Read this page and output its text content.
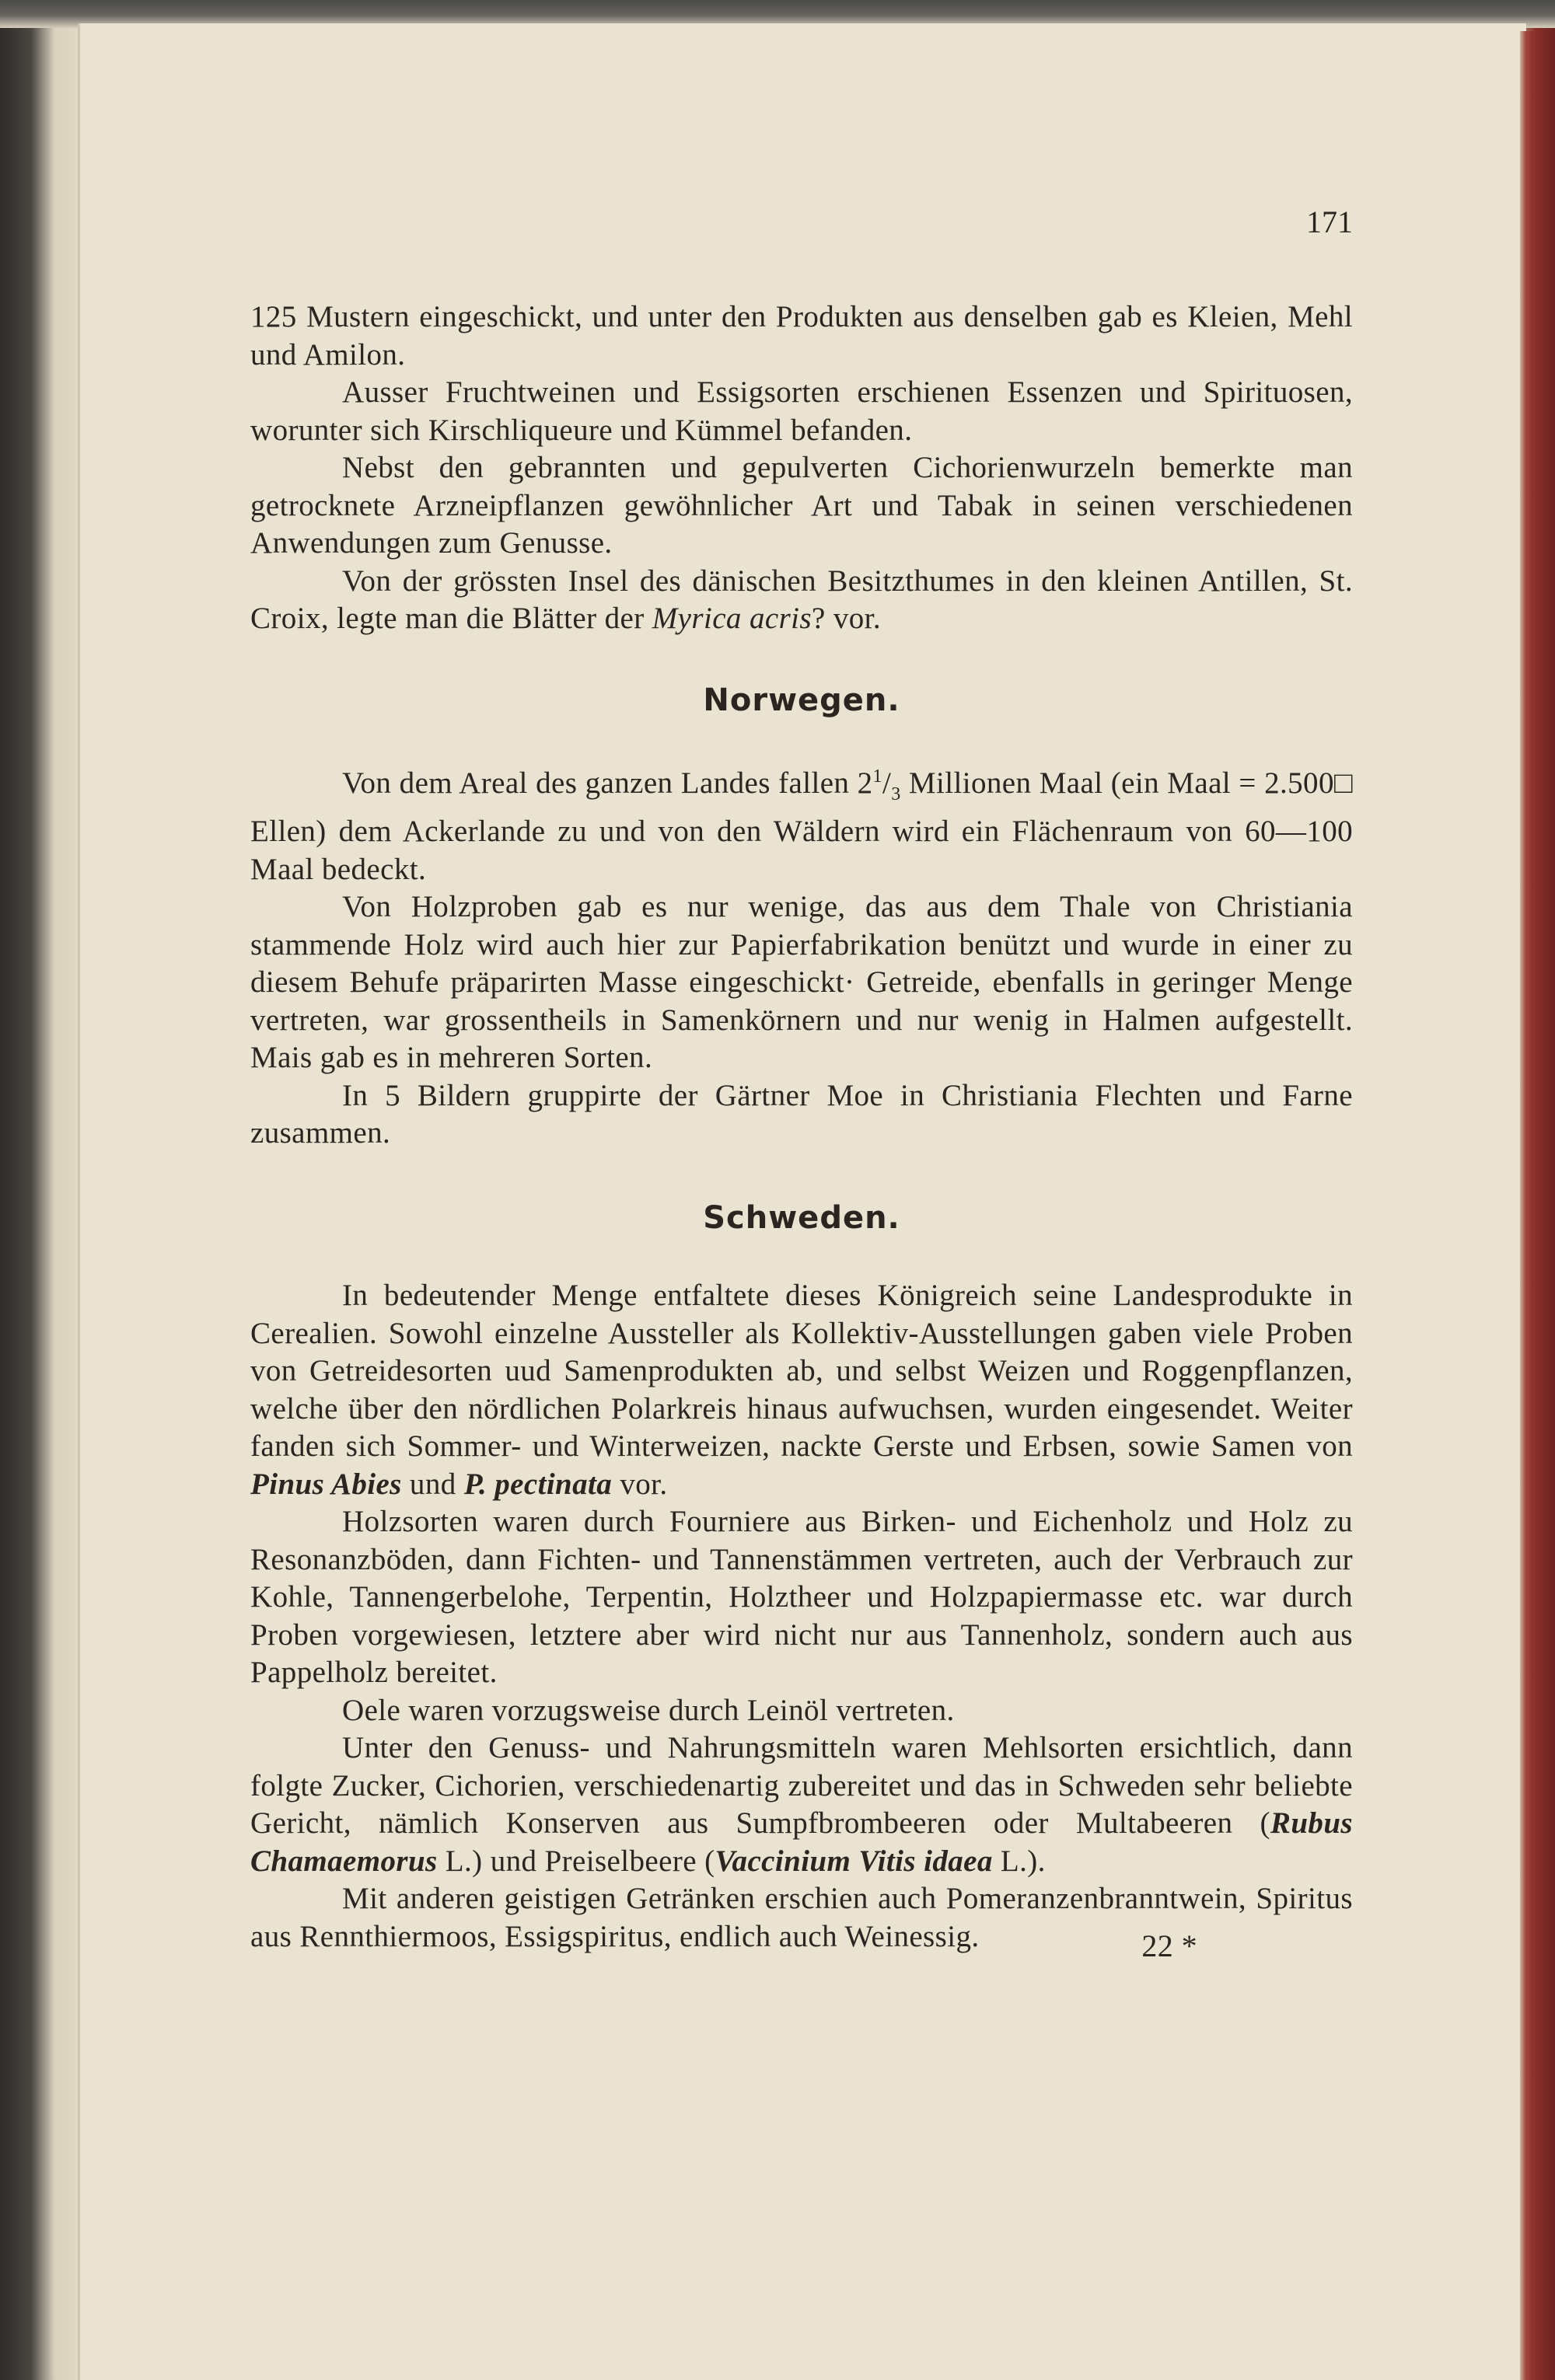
171

125 Mustern eingeschickt, und unter den Produkten aus denselben gab es Kleien, Mehl und Amilon.

Ausser Fruchtweinen und Essigsorten erschienen Essenzen und Spirituosen, worunter sich Kirschliqueure und Kümmel befanden.

Nebst den gebrannten und gepulverten Cichorienwurzeln bemerkte man getrocknete Arzneipflanzen gewöhnlicher Art und Tabak in seinen verschiedenen Anwendungen zum Genusse.

Von der grössten Insel des dänischen Besitzthumes in den kleinen Antillen, St. Croix, legte man die Blätter der Myrica acris? vor.

Norwegen.

Von dem Areal des ganzen Landes fallen $2^1/_3$ Millionen Maal (ein Maal = 2.500□ Ellen) dem Ackerlande zu und von den Wäldern wird ein Flächenraum von 60—100 Maal bedeckt.

Von Holzproben gab es nur wenige, das aus dem Thale von Christiania stammende Holz wird auch hier zur Papierfabrikation benützt und wurde in einer zu diesem Behufe präparirten Masse eingeschickt· Getreide, ebenfalls in geringer Menge vertreten, war grossentheils in Samenkörnern und nur wenig in Halmen aufgestellt. Mais gab es in mehreren Sorten.

In 5 Bildern gruppirte der Gärtner Moe in Christiania Flechten und Farne zusammen.

Schweden.

In bedeutender Menge entfaltete dieses Königreich seine Landesprodukte in Cerealien. Sowohl einzelne Aussteller als Kollektiv-Ausstellungen gaben viele Proben von Getreidesorten uud Samenprodukten ab, und selbst Weizen und Roggenpflanzen, welche über den nördlichen Polarkreis hinaus aufwuchsen, wurden eingesendet. Weiter fanden sich Sommer- und Winterweizen, nackte Gerste und Erbsen, sowie Samen von Pinus Abies und P. pectinata vor.

Holzsorten waren durch Fourniere aus Birken- und Eichenholz und Holz zu Resonanzböden, dann Fichten- und Tannenstämmen vertreten, auch der Verbrauch zur Kohle, Tannengerbelohe, Terpentin, Holztheer und Holzpapiermasse etc. war durch Proben vorgewiesen, letztere aber wird nicht nur aus Tannenholz, sondern auch aus Pappelholz bereitet.

Oele waren vorzugsweise durch Leinöl vertreten.

Unter den Genuss- und Nahrungsmitteln waren Mehlsorten ersichtlich, dann folgte Zucker, Cichorien, verschiedenartig zubereitet und das in Schweden sehr beliebte Gericht, nämlich Konserven aus Sumpfbrombeeren oder Multabeeren (Rubus Chamaemorus L.) und Preiselbeere (Vaccinium Vitis idaea L.).

Mit anderen geistigen Getränken erschien auch Pomeranzenbranntwein, Spiritus aus Rennthiermoos, Essigspiritus, endlich auch Weinessig.	22 *
